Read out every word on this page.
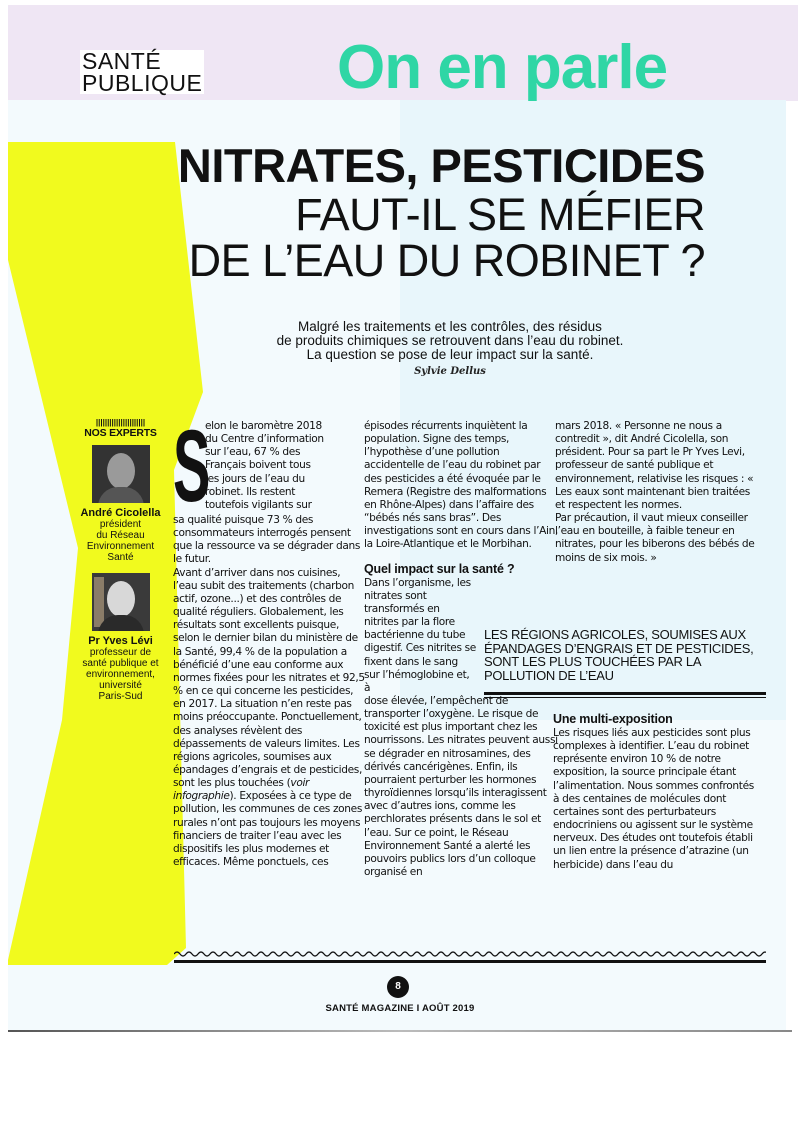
SANTÉ
PUBLIQUE On en parle
NITRATES, PESTICIDES
FAUT-IL SE MÉFIER
DE L’EAU DU ROBINET ?
Malgré les traitements et les contrôles, des résidus
de produits chimiques se retrouvent dans l’eau du robinet.
La question se pose de leur impact sur la santé.
Sylvie Dellus
||||||||||||||||||||||
NOS EXPERTS
André Cicolella
président
du Réseau
Environnement
Santé
Pr Yves Lévi
professeur de
santé publique et
environnement,
université
Paris-Sud
S
elon le baromètre 2018
du Centre d’information
sur l’eau, 67 % des
Français boivent tous
les jours de l’eau du
robinet. Ils restent
toutefois vigilants sur

sa qualité puisque 73 % des consommateurs interrogés pensent que la ressource va se dégrader dans le futur.

Avant d’arriver dans nos cuisines, l’eau subit des traitements (charbon actif, ozone...) et des contrôles de qualité réguliers. Globalement, les résultats sont excellents puisque, selon le dernier bilan du ministère de la Santé, 99,4 % de la population a bénéficié d’une eau conforme aux normes fixées pour les nitrates et 92,5 % en ce qui concerne les pesticides, en 2017. La situation n’en reste pas moins préoccupante. Ponctuellement, des analyses révèlent des dépassements de valeurs limites. Les régions agricoles, soumises aux épandages d’engrais et de pesticides, sont les plus touchées (voir infographie). Exposées à ce type de pollution, les communes de ces zones rurales n’ont pas toujours les moyens financiers de traiter l’eau avec les dispositifs les plus modernes et efficaces. Même ponctuels, ces

épisodes récurrents inquiètent la population. Signe des temps, l’hypothèse d’une pollution accidentelle de l’eau du robinet par des pesticides a été évoquée par le Remera (Registre des malformations en Rhône-Alpes) dans l’affaire des “bébés nés sans bras”. Des investigations sont en cours dans l’Ain, la Loire-Atlantique et le Morbihan.

Quel impact sur la santé ?

Dans l’organisme, les nitrates sont transformés en nitrites par la flore bactérienne du tube digestif. Ces nitrites se fixent dans le sang sur l’hémoglobine et, à

dose élevée, l’empêchent de transporter l’oxygène. Le risque de toxicité est plus important chez les nourrissons. Les nitrates peuvent aussi se dégrader en nitrosamines, des dérivés cancérigènes. Enfin, ils pourraient perturber les hormones thyroïdiennes lorsqu’ils interagissent avec d’autres ions, comme les perchlorates présents dans le sol et l’eau. Sur ce point, le Réseau Environnement Santé a alerté les pouvoirs publics lors d’un colloque organisé en

mars 2018. « Personne ne nous a contredit », dit André Cicolella, son président. Pour sa part le Pr Yves Levi, professeur de santé publique et environnement, relativise les risques : « Les eaux sont maintenant bien traitées et respectent les normes.

Par précaution, il vaut mieux conseiller l’eau en bouteille, à faible teneur en nitrates, pour les biberons des bébés de moins de six mois. »

LES RÉGIONS AGRICOLES, SOUMISES AUX ÉPANDAGES D’ENGRAIS ET DE PESTICIDES, SONT LES PLUS TOUCHÉES PAR LA POLLUTION DE L’EAU
Une multi-exposition

Les risques liés aux pesticides sont plus complexes à identifier. L’eau du robinet représente environ 10 % de notre exposition, la source principale étant l’alimentation. Nous sommes confrontés à des centaines de molécules dont certaines sont des perturbateurs endocriniens ou agissent sur le système nerveux. Des études ont toutefois établi un lien entre la présence d’atrazine (un herbicide) dans l’eau du

8
SANTÉ MAGAZINE I AOÛT 2019
